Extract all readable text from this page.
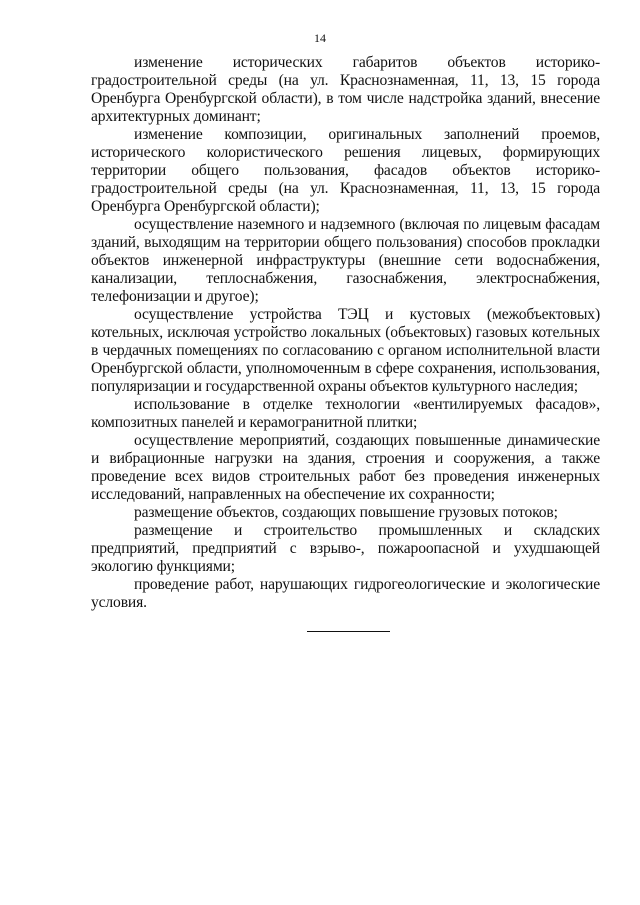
14

изменение исторических габаритов объектов историко-градостроительной среды (на ул. Краснознаменная, 11, 13, 15 города Оренбурга Оренбургской области), в том числе надстройка зданий, внесение архитектурных доминант;

изменение композиции, оригинальных заполнений проемов, исторического колористического решения лицевых, формирующих территории общего пользования, фасадов объектов историко-градостроительной среды (на ул. Краснознаменная, 11, 13, 15 города Оренбурга Оренбургской области);

осуществление наземного и надземного (включая по лицевым фасадам зданий, выходящим на территории общего пользования) способов прокладки объектов инженерной инфраструктуры (внешние сети водоснабжения, канализации, теплоснабжения, газоснабжения, электроснабжения, телефонизации и другое);

осуществление устройства ТЭЦ и кустовых (межобъектовых) котельных, исключая устройство локальных (объектовых) газовых котельных в чердачных помещениях по согласованию с органом исполнительной власти Оренбургской области, уполномоченным в сфере сохранения, использования, популяризации и государственной охраны объектов культурного наследия;

использование в отделке технологии «вентилируемых фасадов», композитных панелей и керамогранитной плитки;

осуществление мероприятий, создающих повышенные динамические и вибрационные нагрузки на здания, строения и сооружения, а также проведение всех видов строительных работ без проведения инженерных исследований, направленных на обеспечение их сохранности;

размещение объектов, создающих повышение грузовых потоков;

размещение и строительство промышленных и складских предприятий, предприятий с взрыво-, пожароопасной и ухудшающей экологию функциями;

проведение работ, нарушающих гидрогеологические и экологические условия.
